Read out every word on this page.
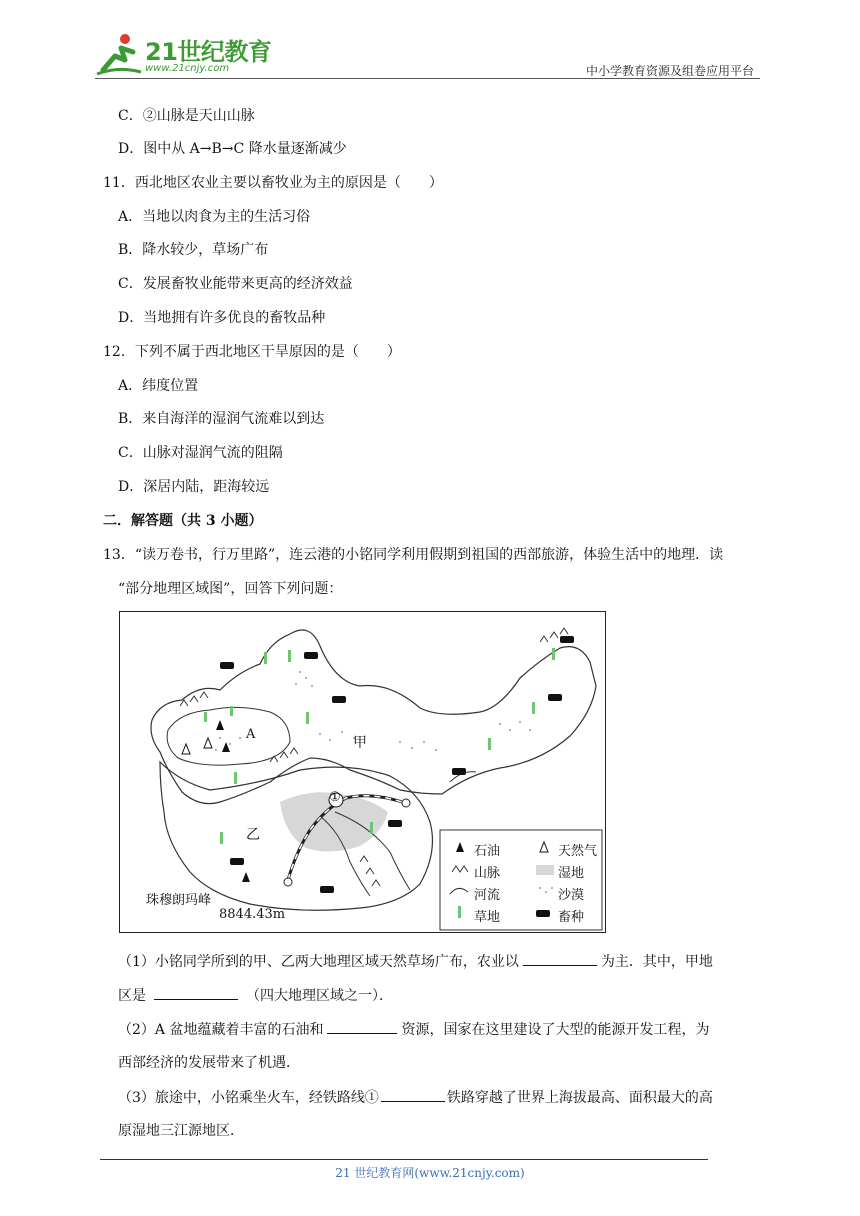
21世纪教育
www.21cnjy.com	中小学教育资源及组卷应用平台
C．②山脉是天山山脉
D．图中从 A→B→C 降水量逐渐减少
11．西北地区农业主要以畜牧业为主的原因是（　　）
A．当地以肉食为主的生活习俗
B．降水较少，草场广布
C．发展畜牧业能带来更高的经济效益
D．当地拥有许多优良的畜牧品种
12．下列不属于西北地区干旱原因的是（　　）
A．纬度位置
B．来自海洋的湿润气流难以到达
C．山脉对湿润气流的阻隔
D．深居内陆，距海较远
二．解答题（共 3 小题）
13．“读万卷书，行万里路”，连云港的小铭同学利用假期到祖国的西部旅游，体验生活中的地理．读
“部分地理区域图”，回答下列问题：
A
甲
乙
①
珠穆朗玛峰
8844.43m
石油	天然气
山脉	湿地
河流	沙漠
草地	畜种
（1）小铭同学所到的甲、乙两大地理区域天然草场广布，农业以	为主．其中，甲地
区是	（四大地理区域之一）．
（2）A 盆地蕴藏着丰富的石油和	资源，国家在这里建设了大型的能源开发工程，为
西部经济的发展带来了机遇．
（3）旅途中，小铭乘坐火车，经铁路线①	铁路穿越了世界上海拔最高、面积最大的高
原湿地三江源地区．
21 世纪教育网(www.21cnjy.com)
